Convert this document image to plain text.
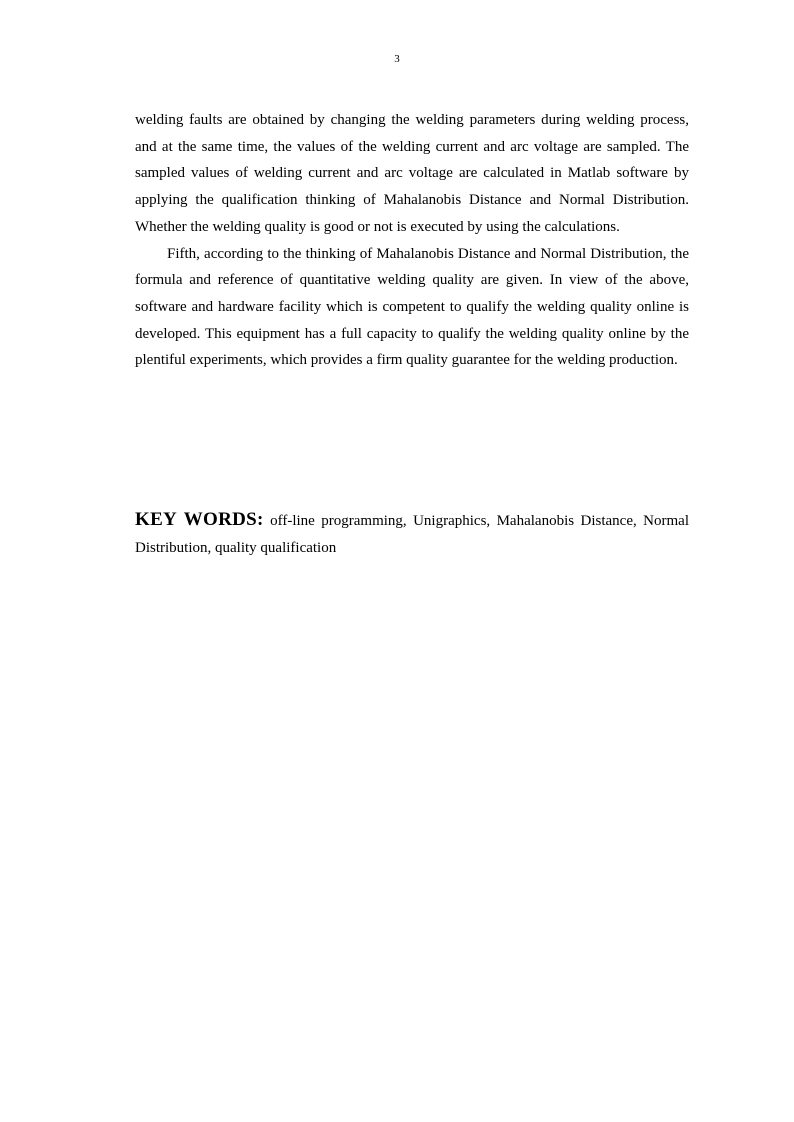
3

welding faults are obtained by changing the welding parameters during welding process, and at the same time, the values of the welding current and arc voltage are sampled. The sampled values of welding current and arc voltage are calculated in Matlab software by applying the qualification thinking of Mahalanobis Distance and Normal Distribution. Whether the welding quality is good or not is executed by using the calculations.

Fifth, according to the thinking of Mahalanobis Distance and Normal Distribution, the formula and reference of quantitative welding quality are given. In view of the above, software and hardware facility which is competent to qualify the welding quality online is developed. This equipment has a full capacity to qualify the welding quality online by the plentiful experiments, which provides a firm quality guarantee for the welding production.

KEY WORDS: off-line programming, Unigraphics, Mahalanobis Distance, Normal Distribution, quality qualification
